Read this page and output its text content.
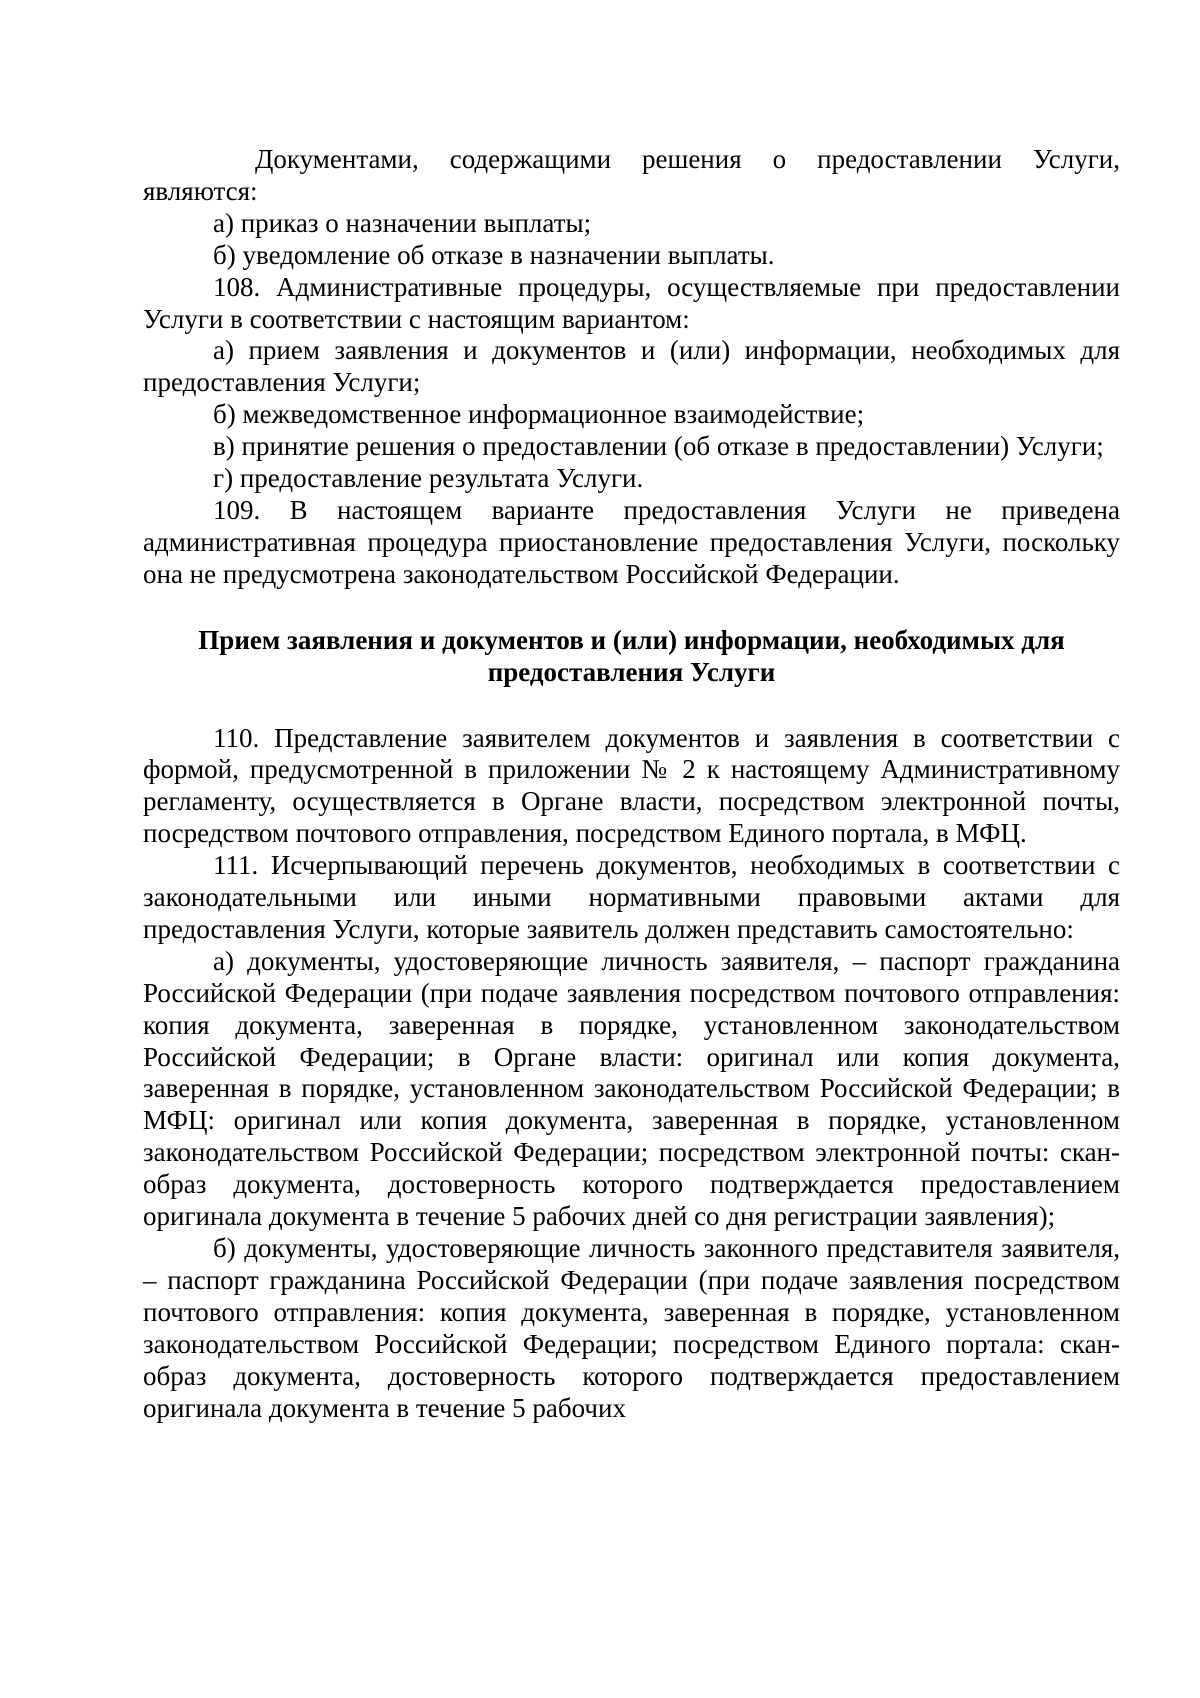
Документами, содержащими решения о предоставлении Услуги, являются:

а) приказ о назначении выплаты;

б) уведомление об отказе в назначении выплаты.

108. Административные процедуры, осуществляемые при предоставлении Услуги в соответствии с настоящим вариантом:

а) прием заявления и документов и (или) информации, необходимых для предоставления Услуги;

б) межведомственное информационное взаимодействие;

в) принятие решения о предоставлении (об отказе в предоставлении) Услуги;

г) предоставление результата Услуги.

109. В настоящем варианте предоставления Услуги не приведена административная процедура приостановление предоставления Услуги, поскольку она не предусмотрена законодательством Российской Федерации.

Прием заявления и документов и (или) информации, необходимых для
предоставления Услуги

110. Представление заявителем документов и заявления в соответствии с формой, предусмотренной в приложении № 2 к настоящему Административному регламенту, осуществляется в Органе власти, посредством электронной почты, посредством почтового отправления, посредством Единого портала, в МФЦ.

111. Исчерпывающий перечень документов, необходимых в соответствии с законодательными или иными нормативными правовыми актами для предоставления Услуги, которые заявитель должен представить самостоятельно:

а) документы, удостоверяющие личность заявителя, – паспорт гражданина Российской Федерации (при подаче заявления посредством почтового отправления: копия документа, заверенная в порядке, установленном законодательством Российской Федерации; в Органе власти: оригинал или копия документа, заверенная в порядке, установленном законодательством Российской Федерации; в МФЦ: оригинал или копия документа, заверенная в порядке, установленном законодательством Российской Федерации; посредством электронной почты: скан-образ документа, достоверность которого подтверждается предоставлением оригинала документа в течение 5 рабочих дней со дня регистрации заявления);

б) документы, удостоверяющие личность законного представителя заявителя, – паспорт гражданина Российской Федерации (при подаче заявления посредством почтового отправления: копия документа, заверенная в порядке, установленном законодательством Российской Федерации; посредством Единого портала: скан-образ документа, достоверность которого подтверждается предоставлением оригинала документа в течение 5 рабочих
